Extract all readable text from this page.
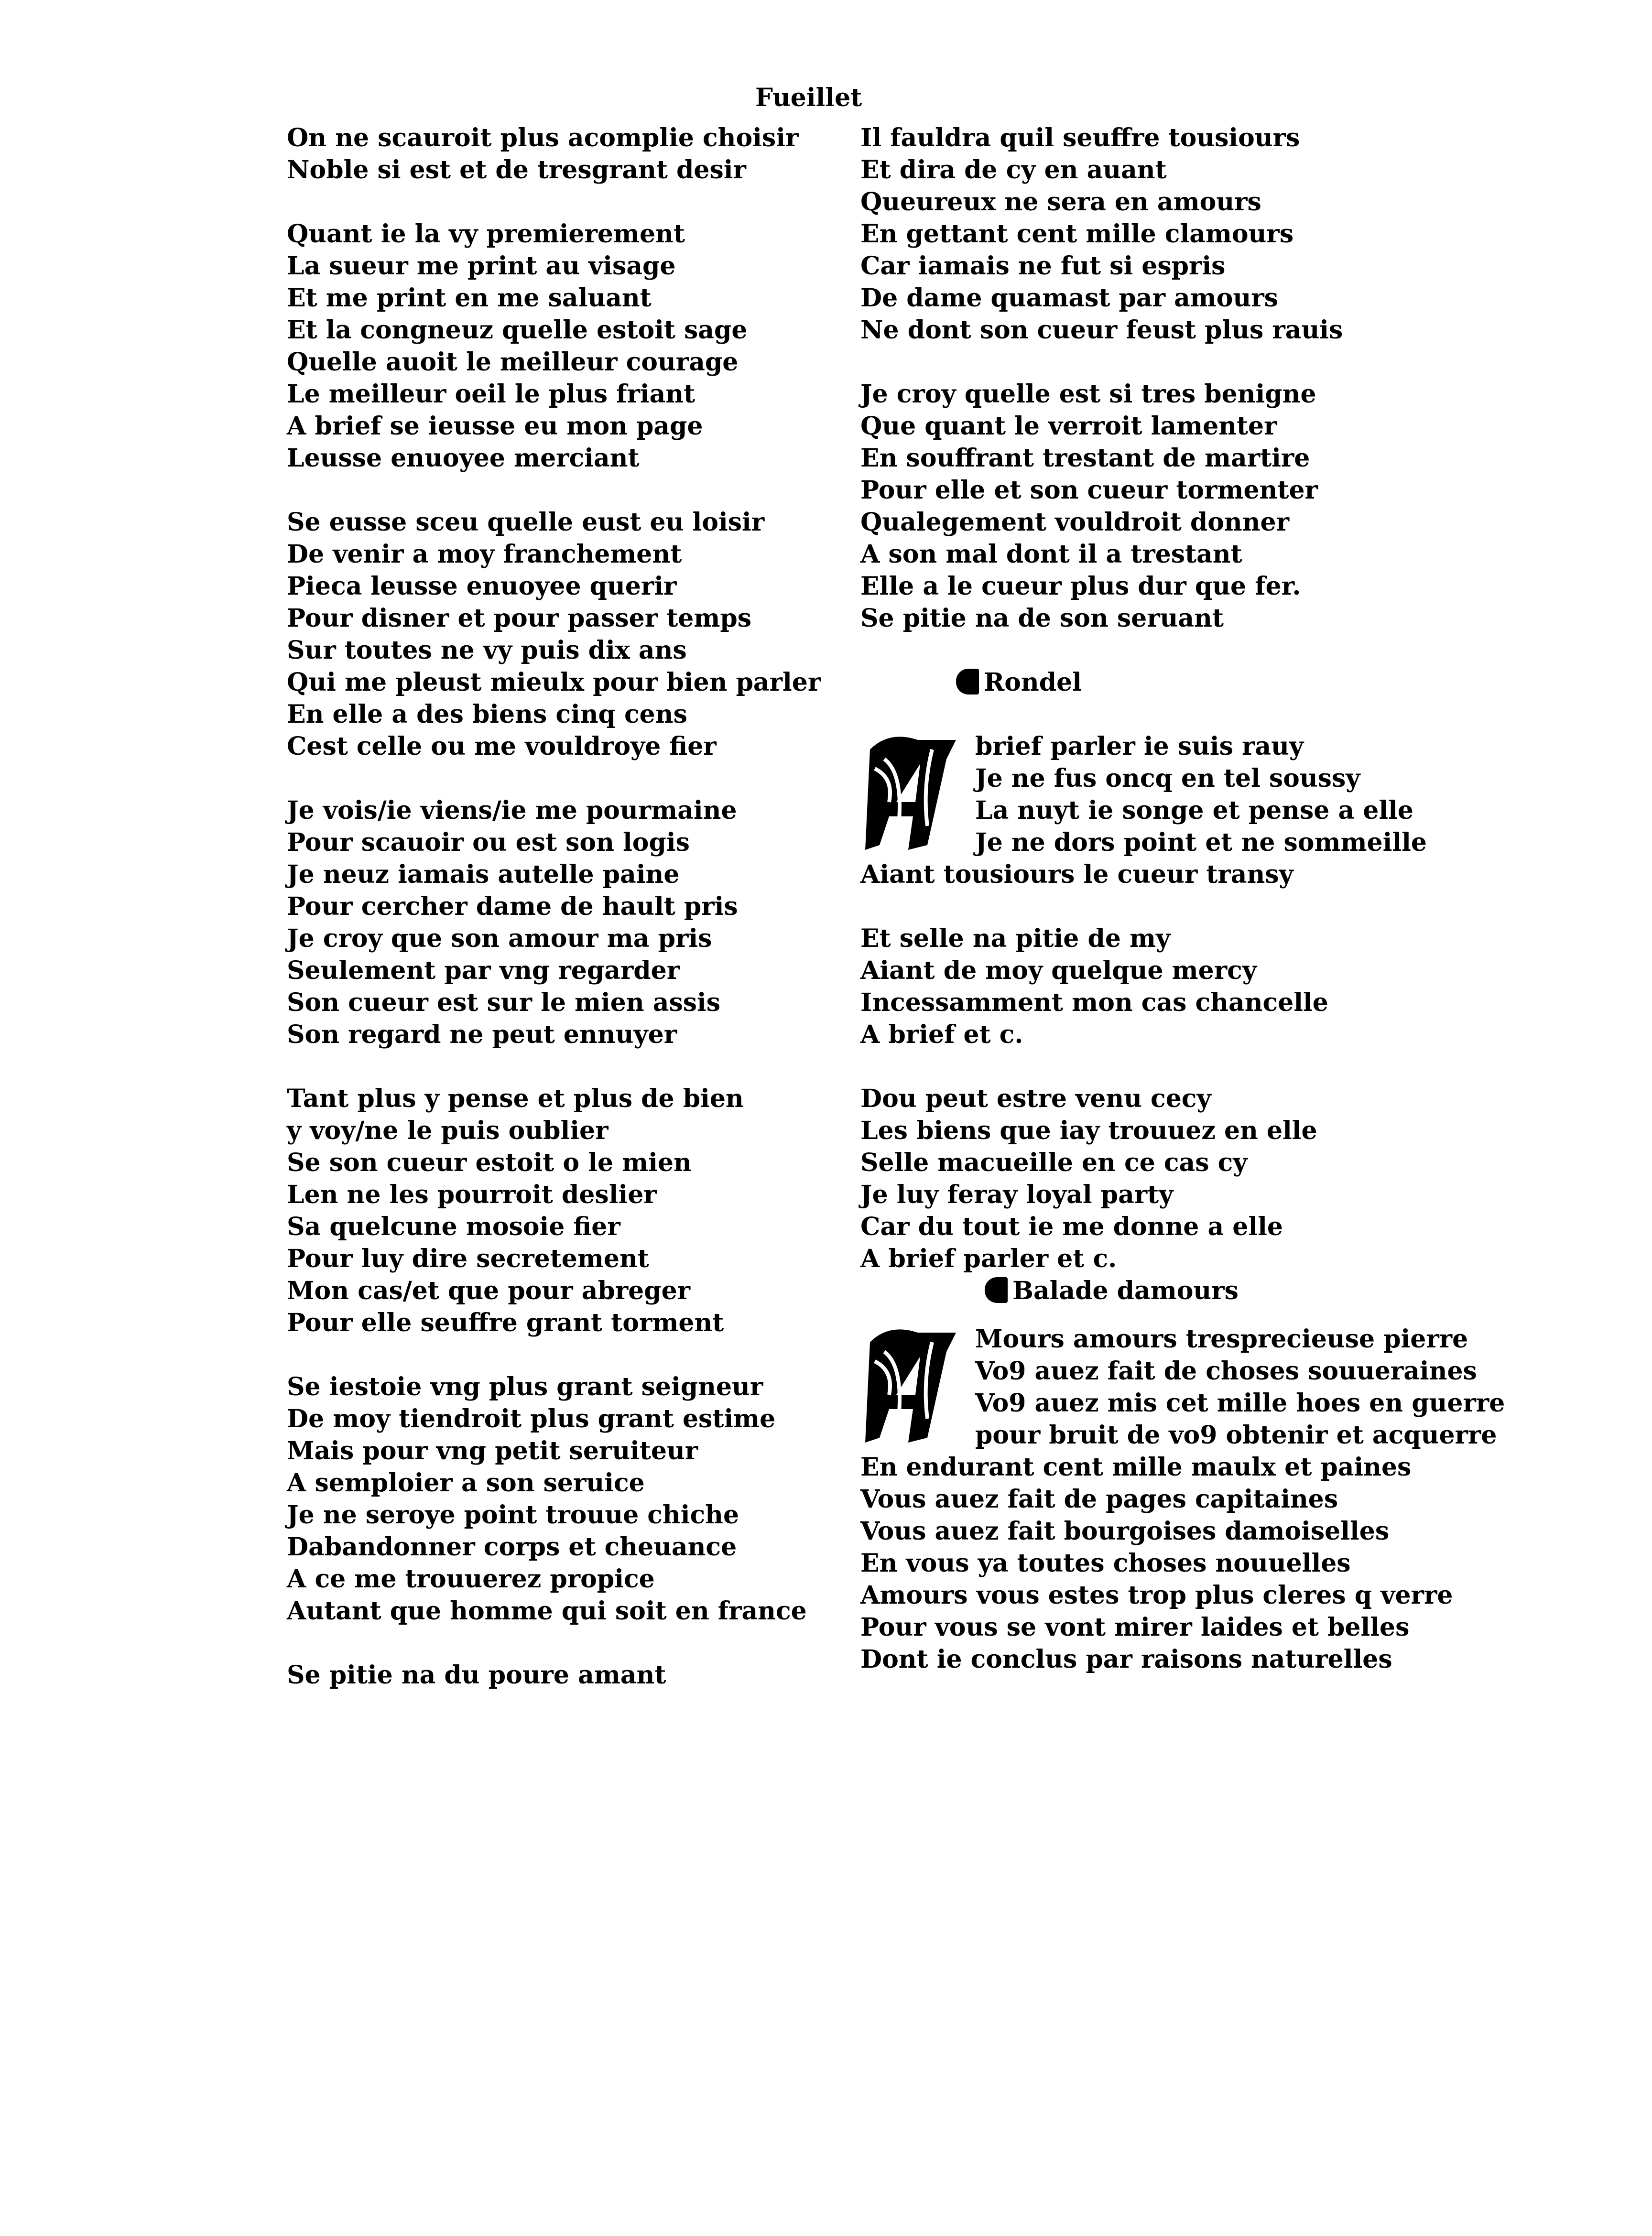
Fueillet
On ne scauroit plus acomplie choisir
Noble si est et de tresgrant desir
Quant ie la vy premierement
La sueur me print au visage
Et me print en me saluant
Et la congneuz quelle estoit sage
Quelle auoit le meilleur courage
Le meilleur oeil le plus friant
A brief se ieusse eu mon page
Leusse enuoyee merciant
Se eusse sceu quelle eust eu loisir
De venir a moy franchement
Pieca leusse enuoyee querir
Pour disner et pour passer temps
Sur toutes ne vy puis dix ans
Qui me pleust mieulx pour bien parler
En elle a des biens cinq cens
Cest celle ou me vouldroye fier
Je vois/ie viens/ie me pourmaine
Pour scauoir ou est son logis
Je neuz iamais autelle paine
Pour cercher dame de hault pris
Je croy que son amour ma pris
Seulement par vng regarder
Son cueur est sur le mien assis
Son regard ne peut ennuyer
Tant plus y pense et plus de bien
y voy/ne le puis oublier
Se son cueur estoit o le mien
Len ne les pourroit deslier
Sa quelcune mosoie fier
Pour luy dire secretement
Mon cas/et que pour abreger
Pour elle seuffre grant torment
Se iestoie vng plus grant seigneur
De moy tiendroit plus grant estime
Mais pour vng petit seruiteur
A semploier a son seruice
Je ne seroye point trouue chiche
Dabandonner corps et cheuance
A ce me trouuerez propice
Autant que homme qui soit en france
Se pitie na du poure amant
Il fauldra quil seuffre tousiours
Et dira de cy en auant
Queureux ne sera en amours
En gettant cent mille clamours
Car iamais ne fut si espris
De dame quamast par amours
Ne dont son cueur feust plus rauis
Je croy quelle est si tres benigne
Que quant le verroit lamenter
En souffrant trestant de martire
Pour elle et son cueur tormenter
Qualegement vouldroit donner
A son mal dont il a trestant
Elle a le cueur plus dur que fer.
Se pitie na de son seruant
Rondel
A
brief parler ie suis rauy
Je ne fus oncq en tel soussy
La nuyt ie songe et pense a elle
Je ne dors point et ne sommeille
Aiant tousiours le cueur transy
Et selle na pitie de my
Aiant de moy quelque mercy
Incessamment mon cas chancelle
A brief et c.
Dou peut estre venu cecy
Les biens que iay trouuez en elle
Selle macueille en ce cas cy
Je luy feray loyal party
Car du tout ie me donne a elle
A brief parler et c.
Balade damours
A
Mours amours tresprecieuse pierre
Vo9 auez fait de choses souueraines
Vo9 auez mis cet mille hoes en guerre
pour bruit de vo9 obtenir et acquerre
En endurant cent mille maulx et paines
Vous auez fait de pages capitaines
Vous auez fait bourgoises damoiselles
En vous ya toutes choses nouuelles
Amours vous estes trop plus cleres q verre
Pour vous se vont mirer laides et belles
Dont ie conclus par raisons naturelles
